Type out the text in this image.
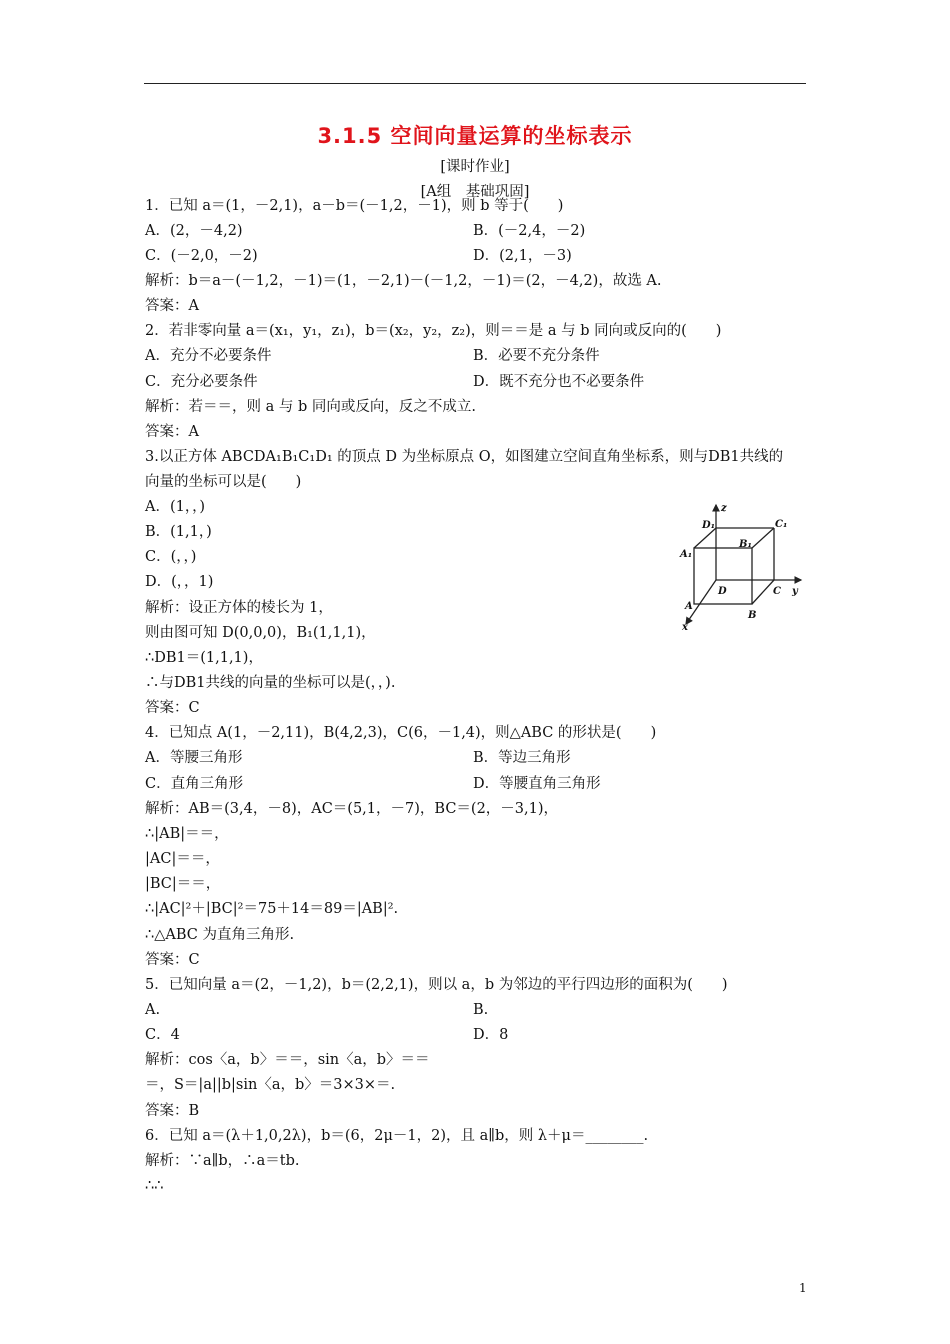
3.1.5 空间向量运算的坐标表示
[课时作业]
[A组　基础巩固]
1．已知 a＝(1，－2,1)，a－b＝(－1,2，－1)，则 b 等于(　　)
A．(2，－4,2)	B．(－2,4，－2)
C．(－2,0，－2)	D．(2,1，－3)
解析：b＝a－(－1,2，－1)＝(1，－2,1)－(－1,2，－1)＝(2，－4,2)，故选 A.
答案：A
2．若非零向量 a＝(x₁，y₁，z₁)，b＝(x₂，y₂，z₂)，则＝＝是 a 与 b 同向或反向的(　　)
A．充分不必要条件	B．必要不充分条件
C．充分必要条件	D．既不充分也不必要条件
解析：若＝＝，则 a 与 b 同向或反向，反之不成立.
答案：A
3.以正方体 ABCDA₁B₁C₁D₁ 的顶点 D 为坐标原点 O，如图建立空间直角坐标系，则与DB1共线的
向量的坐标可以是(　　)
A．(1，，)
B．(1,1，)
C．(，，)
D．(，，1)
解析：设正方体的棱长为 1，
则由图可知 D(0,0,0)，B₁(1,1,1)，
∴DB1＝(1,1,1)，
∴与DB1共线的向量的坐标可以是(，，).
答案：C
4．已知点 A(1，－2,11)，B(4,2,3)，C(6，－1,4)，则△ABC 的形状是(　　)
A．等腰三角形	B．等边三角形
C．直角三角形	D．等腰直角三角形
解析：AB＝(3,4，－8)，AC＝(5,1，－7)，BC＝(2，－3,1)，
∴|AB|＝＝，
|AC|＝＝，
|BC|＝＝，
∴|AC|²＋|BC|²＝75＋14＝89＝|AB|².
∴△ABC 为直角三角形.
答案：C
5．已知向量 a＝(2，－1,2)，b＝(2,2,1)，则以 a，b 为邻边的平行四边形的面积为(　　)
A.	B.
C．4	D．8
解析：cos〈a，b〉＝＝，sin〈a，b〉＝＝
＝，S＝|a||b|sin〈a，b〉＝3×3×＝.
答案：B
6．已知 a＝(λ＋1,0,2λ)，b＝(6，2μ－1，2)，且 a∥b，则 λ＋μ＝________.
解析：∵a∥b，∴a＝tb.
∴∴
z
y
x
D₁	C₁
A₁
B₁
D	C
A
B
1
